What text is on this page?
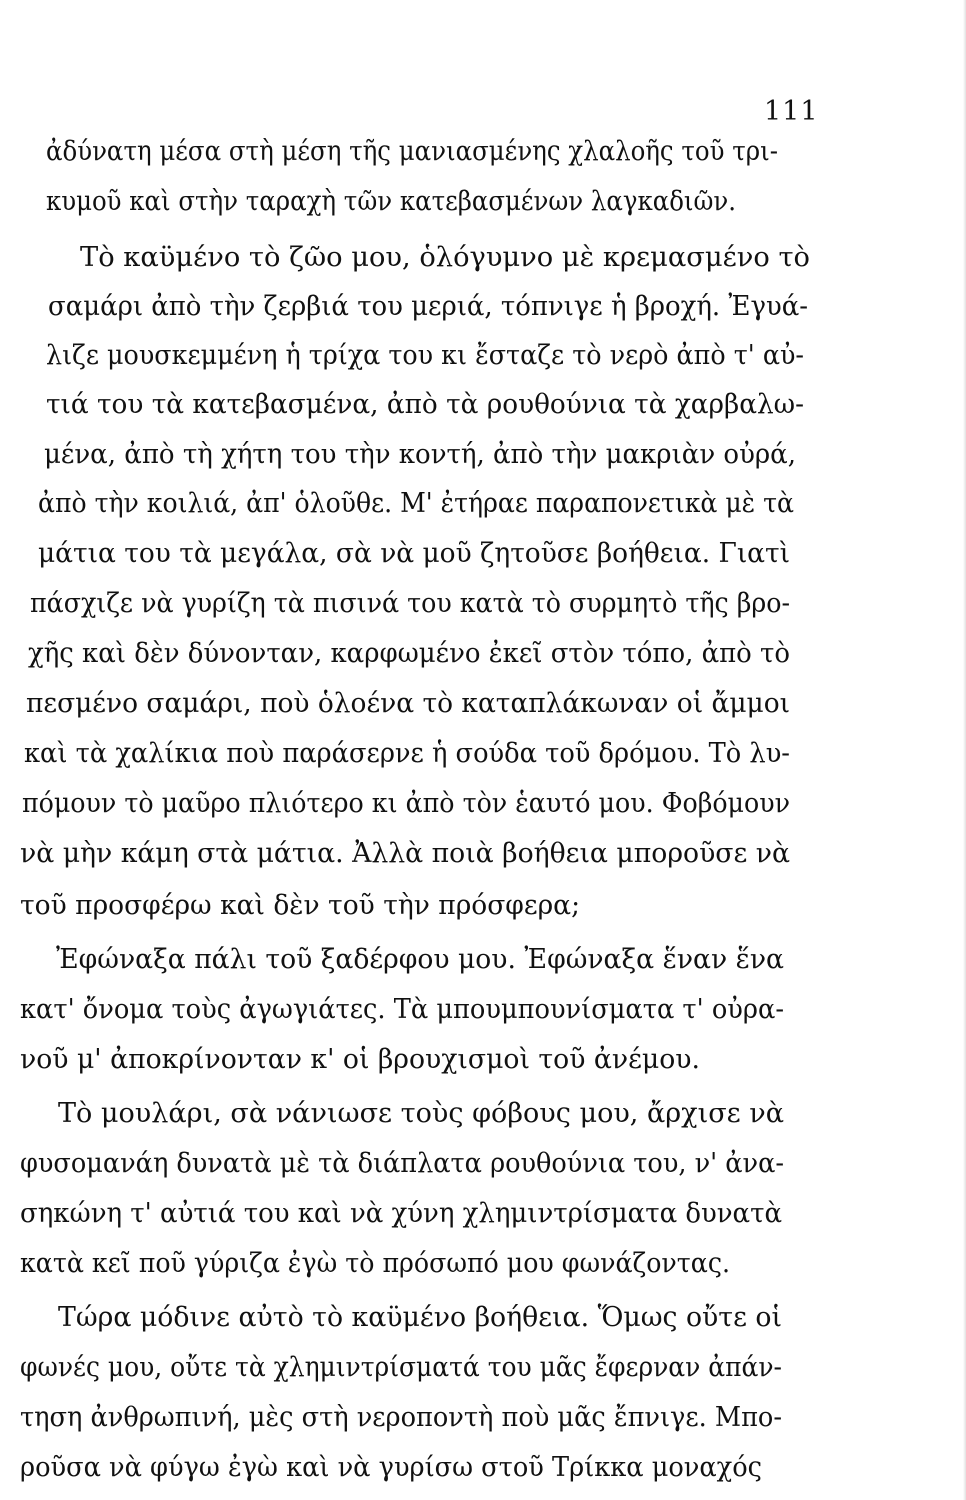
111
ἀδύνατη μέσα στὴ μέση τῆς μανιασμένης χλαλοῆς τοῦ τρι-
κυμοῦ καὶ στὴν ταραχὴ τῶν κατεβασμένων λαγκαδιῶν.
Τὸ καϋμένο τὸ ζῶο μου, ὁλόγυμνο μὲ κρεμασμένο τὸ
σαμάρι ἀπὸ τὴν ζερβιά του μεριά, τόπνιγε ἡ βροχή. Ἐγυά-
λιζε μουσκεμμένη ἡ τρίχα του κι ἔσταζε τὸ νερὸ ἀπὸ τ' αὐ-
τιά του τὰ κατεβασμένα, ἀπὸ τὰ ρουθούνια τὰ χαρβαλω-
μένα, ἀπὸ τὴ χήτη του τὴν κοντή, ἀπὸ τὴν μακριὰν οὐρά,
ἀπὸ τὴν κοιλιά, ἀπ' ὁλοῦθε. Μ' ἐτήραε παραπονετικὰ μὲ τὰ
μάτια του τὰ μεγάλα, σὰ νὰ μοῦ ζητοῦσε βοήθεια. Γιατὶ
πάσχιζε νὰ γυρίζη τὰ πισινά του κατὰ τὸ συρμητὸ τῆς βρο-
χῆς καὶ δὲν δύνονταν, καρφωμένο ἐκεῖ στὸν τόπο, ἀπὸ τὸ
πεσμένο σαμάρι, ποὺ ὁλοένα τὸ καταπλάκωναν οἱ ἄμμοι
καὶ τὰ χαλίκια ποὺ παράσερνε ἡ σούδα τοῦ δρόμου. Τὸ λυ-
πόμουν τὸ μαῦρο πλιότερο κι ἀπὸ τὸν ἑαυτό μου. Φοβόμουν
νὰ μὴν κάμη στὰ μάτια. Ἀλλὰ ποιὰ βοήθεια μποροῦσε νὰ
τοῦ προσφέρω καὶ δὲν τοῦ τὴν πρόσφερα;
Ἐφώναξα πάλι τοῦ ξαδέρφου μου. Ἐφώναξα ἕναν ἕνα
κατ' ὄνομα τοὺς ἀγωγιάτες. Τὰ μπουμπουνίσματα τ' οὐρα-
νοῦ μ' ἀποκρίνονταν κ' οἱ βρουχισμοὶ τοῦ ἀνέμου.
Τὸ μουλάρι, σὰ νάνιωσε τοὺς φόβους μου, ἄρχισε νὰ
φυσομανάη δυνατὰ μὲ τὰ διάπλατα ρουθούνια του, ν' ἀνα-
σηκώνη τ' αὐτιά του καὶ νὰ χύνη χλημιντρίσματα δυνατὰ
κατὰ κεῖ ποῦ γύριζα ἐγὼ τὸ πρόσωπό μου φωνάζοντας.
Τώρα μόδινε αὐτὸ τὸ καϋμένο βοήθεια. Ὅμως οὔτε οἱ
φωνές μου, οὔτε τὰ χλημιντρίσματά του μᾶς ἔφερναν ἀπάν-
τηση ἀνθρωπινή, μὲς στὴ νεροποντὴ ποὺ μᾶς ἔπνιγε. Μπο-
ροῦσα νὰ φύγω ἐγὼ καὶ νὰ γυρίσω στοῦ Τρίκκα μοναχός
